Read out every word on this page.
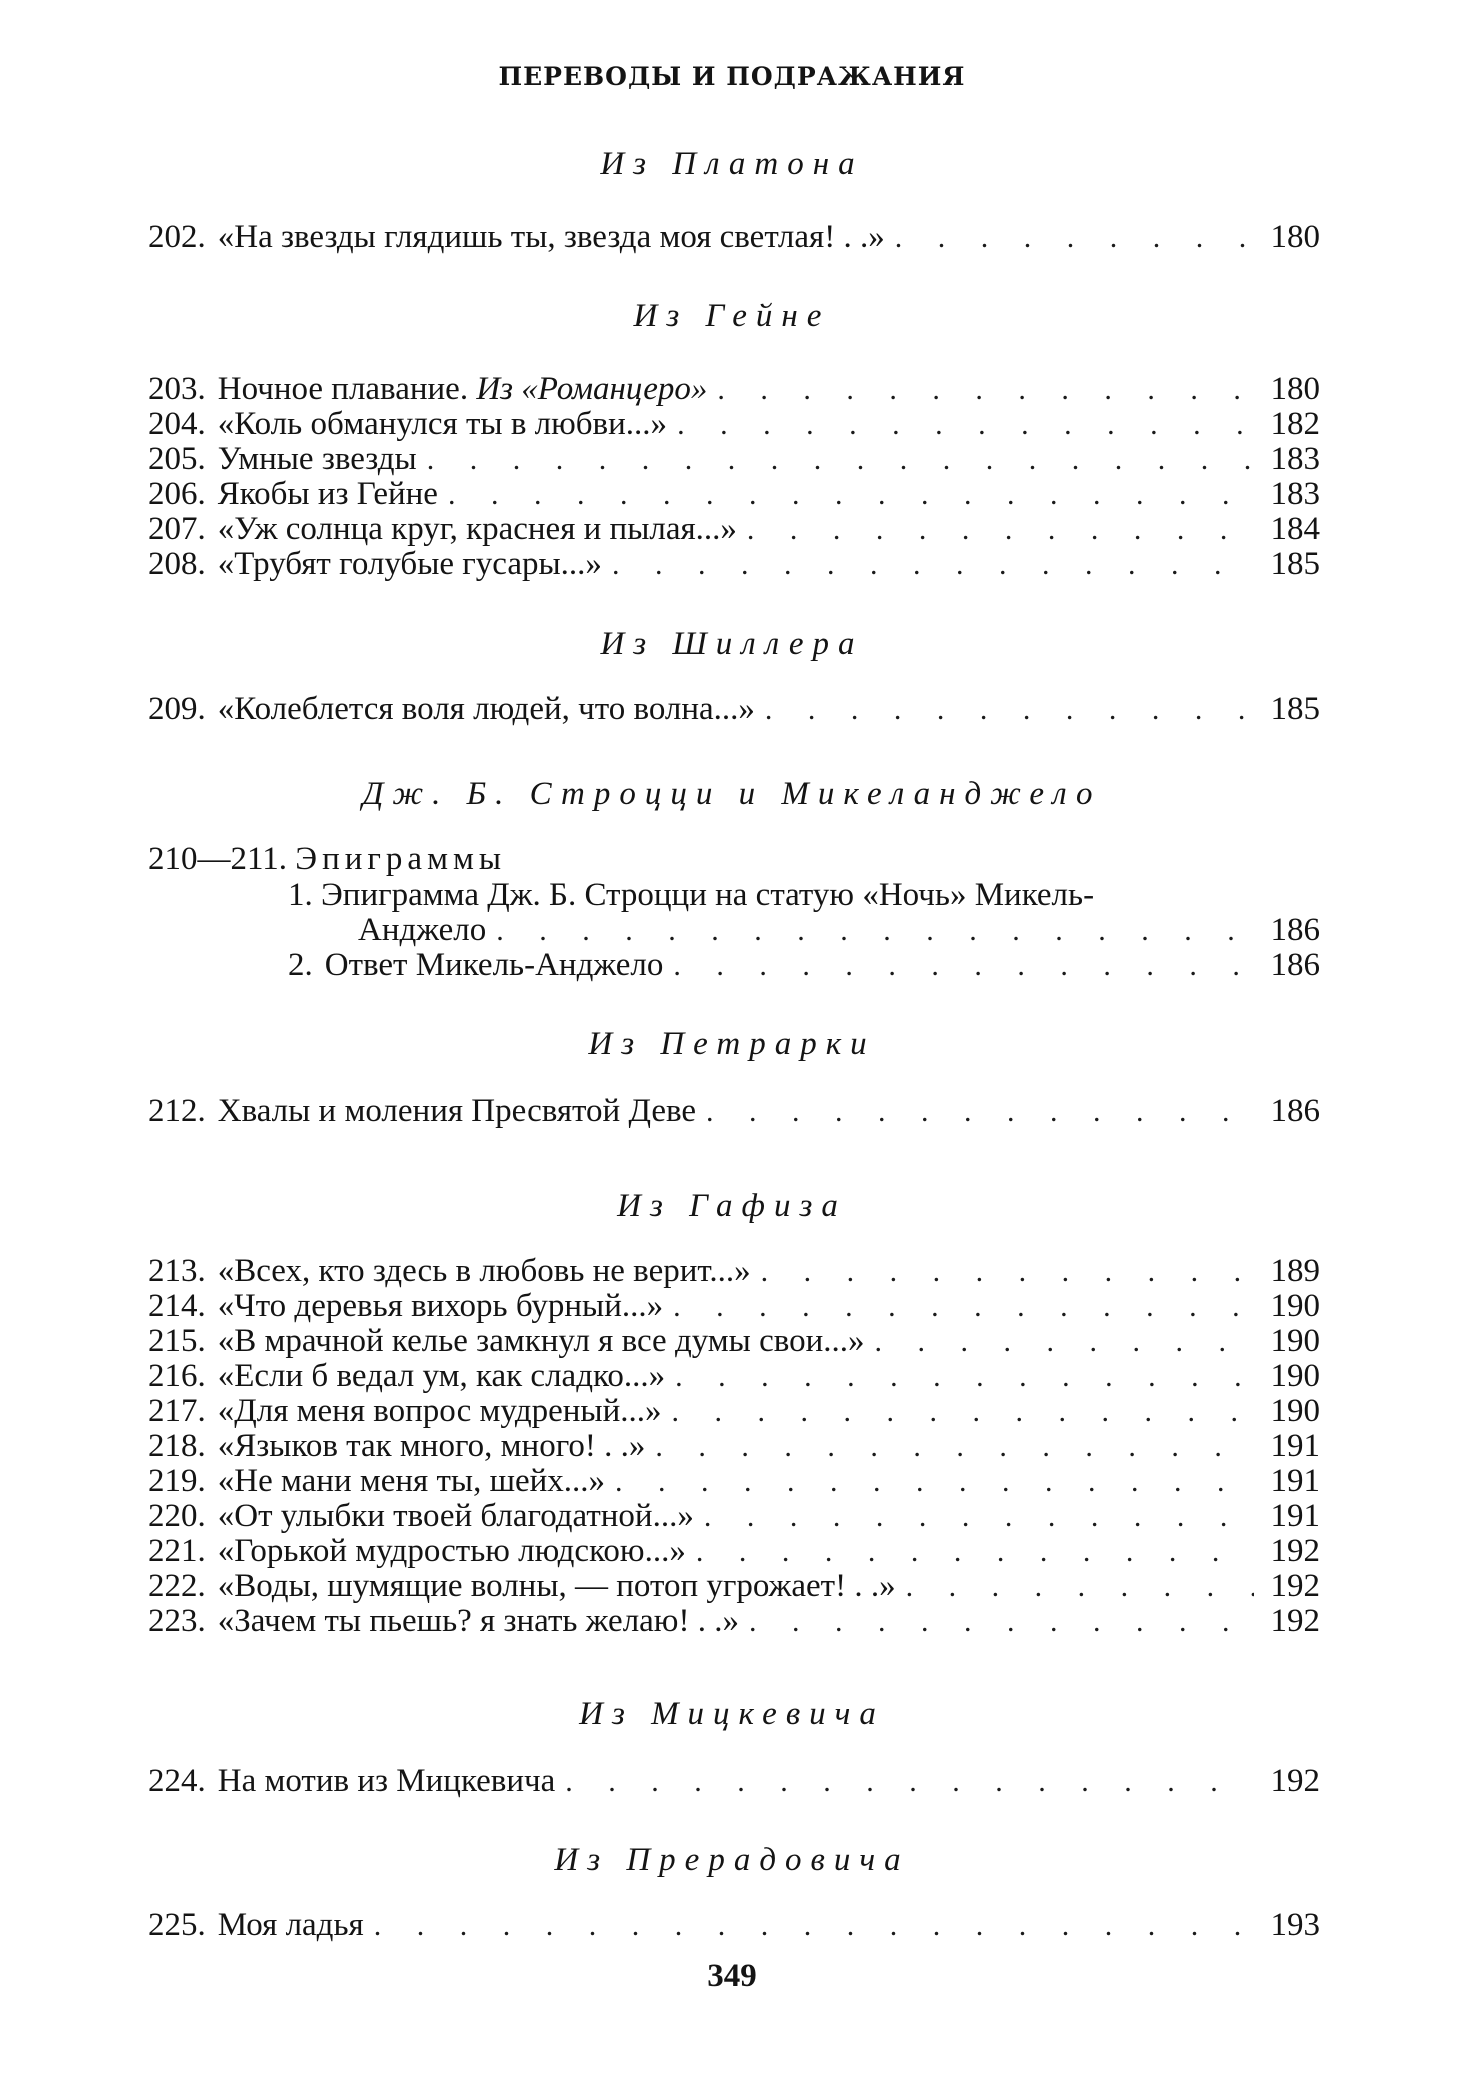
ПЕРЕВОДЫ И ПОДРАЖАНИЯ
Из Платона
202. «На звезды глядишь ты, звезда моя светлая! . .» . . .	180
Из Гейне
203. Ночное плавание. Из «Романцеро» . . .	180
204. «Коль обманулся ты в любви...» . . .	182
205. Умные звезды . . .	183
206. Якобы из Гейне . . .	183
207. «Уж солнца круг, краснея и пылая...» . . .	184
208. «Трубят голубые гусары...» . . .	185
Из Шиллера
209. «Колеблется воля людей, что волна...» . . .	185
Дж. Б. Строцци и Микеланджело
210—211. Эпиграммы
1. Эпиграмма Дж. Б. Строцци на статую «Ночь» Микель-
Анджело . . .	186
2. Ответ Микель-Анджело . . .	186
Из Петрарки
212. Хвалы и моления Пресвятой Деве . . .	186
Из Гафиза
213. «Всех, кто здесь в любовь не верит...» . . .	189
214. «Что деревья вихорь бурный...» . . .	190
215. «В мрачной келье замкнул я все думы свои...» . . .	190
216. «Если б ведал ум, как сладко...» . . .	190
217. «Для меня вопрос мудреный...» . . .	190
218. «Языков так много, много! . .» . . .	191
219. «Не мани меня ты, шейх...» . . .	191
220. «От улыбки твоей благодатной...» . . .	191
221. «Горькой мудростью людскою...» . . .	192
222. «Воды, шумящие волны, — потоп угрожает! . .» . . .	192
223. «Зачем ты пьешь? я знать желаю! . .» . . .	192
Из Мицкевича
224. На мотив из Мицкевича . . .	192
Из Прерадовича
225. Моя ладья . . .	193
349
